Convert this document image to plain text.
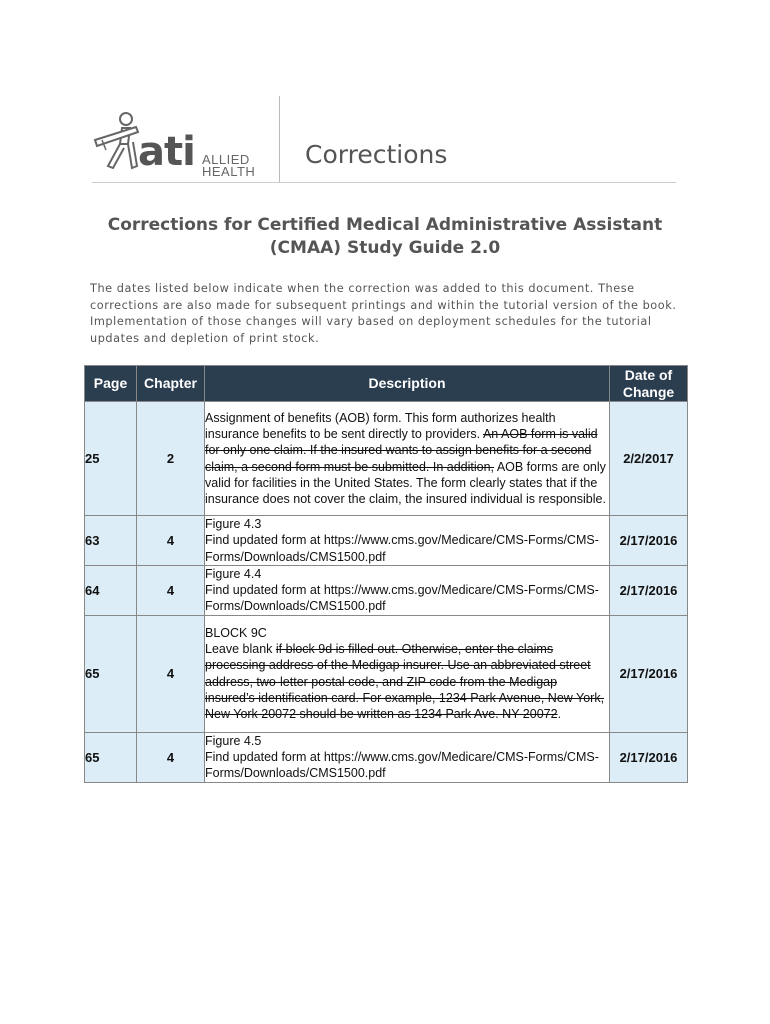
ati ALLIED
HEALTH
Corrections
Corrections for Certified Medical Administrative Assistant
(CMAA) Study Guide 2.0
The dates listed below indicate when the correction was added to this document. These corrections are also made for subsequent printings and within the tutorial version of the book. Implementation of those changes will vary based on deployment schedules for the tutorial updates and depletion of print stock.
Page	Chapter	Description	Date of
Change
25	2	Assignment of benefits (AOB) form. This form authorizes health insurance benefits to be sent directly to providers. An AOB form is valid for only one claim. If the insured wants to assign benefits for a second claim, a second form must be submitted. In addition, AOB forms are only valid for facilities in the United States. The form clearly states that if the insurance does not cover the claim, the insured individual is responsible.	2/2/2017
63	4	Figure 4.3
Find updated form at https://www.cms.gov/Medicare/CMS-Forms/CMS-Forms/Downloads/CMS1500.pdf	2/17/2016
64	4	Figure 4.4
Find updated form at https://www.cms.gov/Medicare/CMS-Forms/CMS-Forms/Downloads/CMS1500.pdf	2/17/2016
65	4	BLOCK 9C
Leave blank if block 9d is filled out. Otherwise, enter the claims processing address of the Medigap insurer. Use an abbreviated street address, two-letter postal code, and ZIP code from the Medigap insured’s identification card. For example, 1234 Park Avenue, New York, New York 20072 should be written as 1234 Park Ave. NY 20072.	2/17/2016
65	4	Figure 4.5
Find updated form at https://www.cms.gov/Medicare/CMS-Forms/CMS-Forms/Downloads/CMS1500.pdf	2/17/2016
